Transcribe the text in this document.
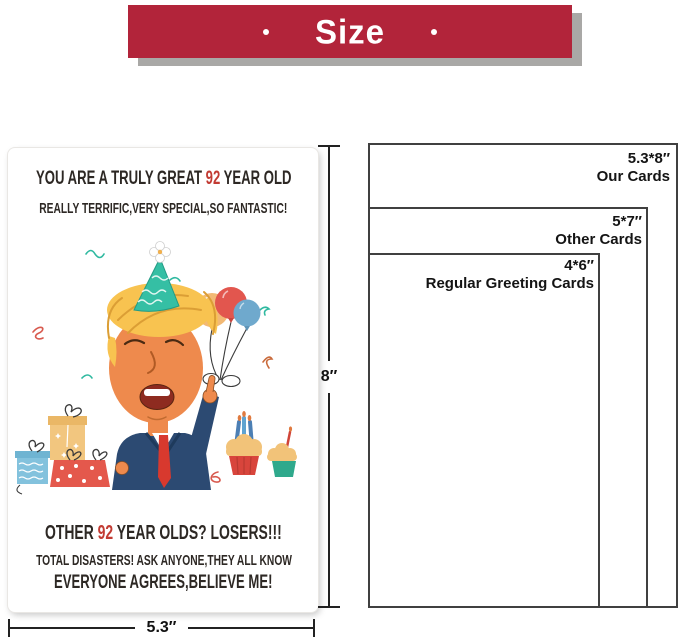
Size
YOU ARE A TRULY GREAT 92 YEAR OLD
REALLY TERRIFIC,VERY SPECIAL,SO FANTASTIC!
OTHER 92 YEAR OLDS? LOSERS!!!
TOTAL DISASTERS! ASK ANYONE,THEY ALL KNOW
EVERYONE AGREES,BELIEVE ME!
8″
5.3″
5.3*8″
Our Cards
5*7″
Other Cards
4*6″
Regular Greeting Cards
